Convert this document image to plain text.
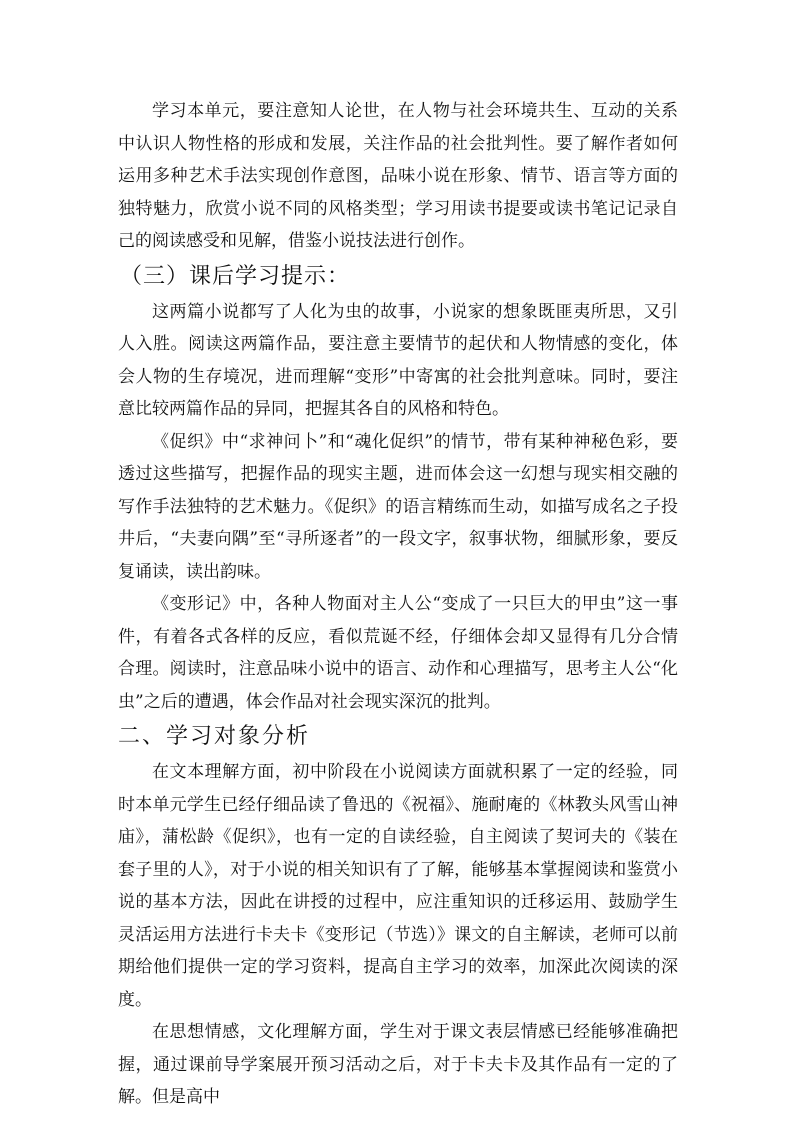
学习本单元，要注意知人论世，在人物与社会环境共生、互动的关系中认识人物性格的形成和发展，关注作品的社会批判性。要了解作者如何运用多种艺术手法实现创作意图，品味小说在形象、情节、语言等方面的独特魅力，欣赏小说不同的风格类型；学习用读书提要或读书笔记记录自己的阅读感受和见解，借鉴小说技法进行创作。

（三）课后学习提示：

这两篇小说都写了人化为虫的故事，小说家的想象既匪夷所思，又引人入胜。阅读这两篇作品，要注意主要情节的起伏和人物情感的变化，体会人物的生存境况，进而理解“变形”中寄寓的社会批判意味。同时，要注意比较两篇作品的异同，把握其各自的风格和特色。

《促织》中“求神问卜”和“魂化促织”的情节，带有某种神秘色彩，要透过这些描写，把握作品的现实主题，进而体会这一幻想与现实相交融的写作手法独特的艺术魅力。《促织》的语言精练而生动，如描写成名之子投井后，“夫妻向隅”至“寻所逐者”的一段文字，叙事状物，细腻形象，要反复诵读，读出韵味。

《变形记》中，各种人物面对主人公“变成了一只巨大的甲虫”这一事件，有着各式各样的反应，看似荒诞不经，仔细体会却又显得有几分合情合理。阅读时，注意品味小说中的语言、动作和心理描写，思考主人公“化虫”之后的遭遇，体会作品对社会现实深沉的批判。

二、学习对象分析

在文本理解方面，初中阶段在小说阅读方面就积累了一定的经验，同时本单元学生已经仔细品读了鲁迅的《祝福》、施耐庵的《林教头风雪山神庙》，蒲松龄《促织》，也有一定的自读经验，自主阅读了契诃夫的《装在套子里的人》，对于小说的相关知识有了了解，能够基本掌握阅读和鉴赏小说的基本方法，因此在讲授的过程中，应注重知识的迁移运用、鼓励学生灵活运用方法进行卡夫卡《变形记（节选）》课文的自主解读，老师可以前期给他们提供一定的学习资料，提高自主学习的效率，加深此次阅读的深度。

在思想情感，文化理解方面，学生对于课文表层情感已经能够准确把握，通过课前导学案展开预习活动之后，对于卡夫卡及其作品有一定的了解。但是高中
